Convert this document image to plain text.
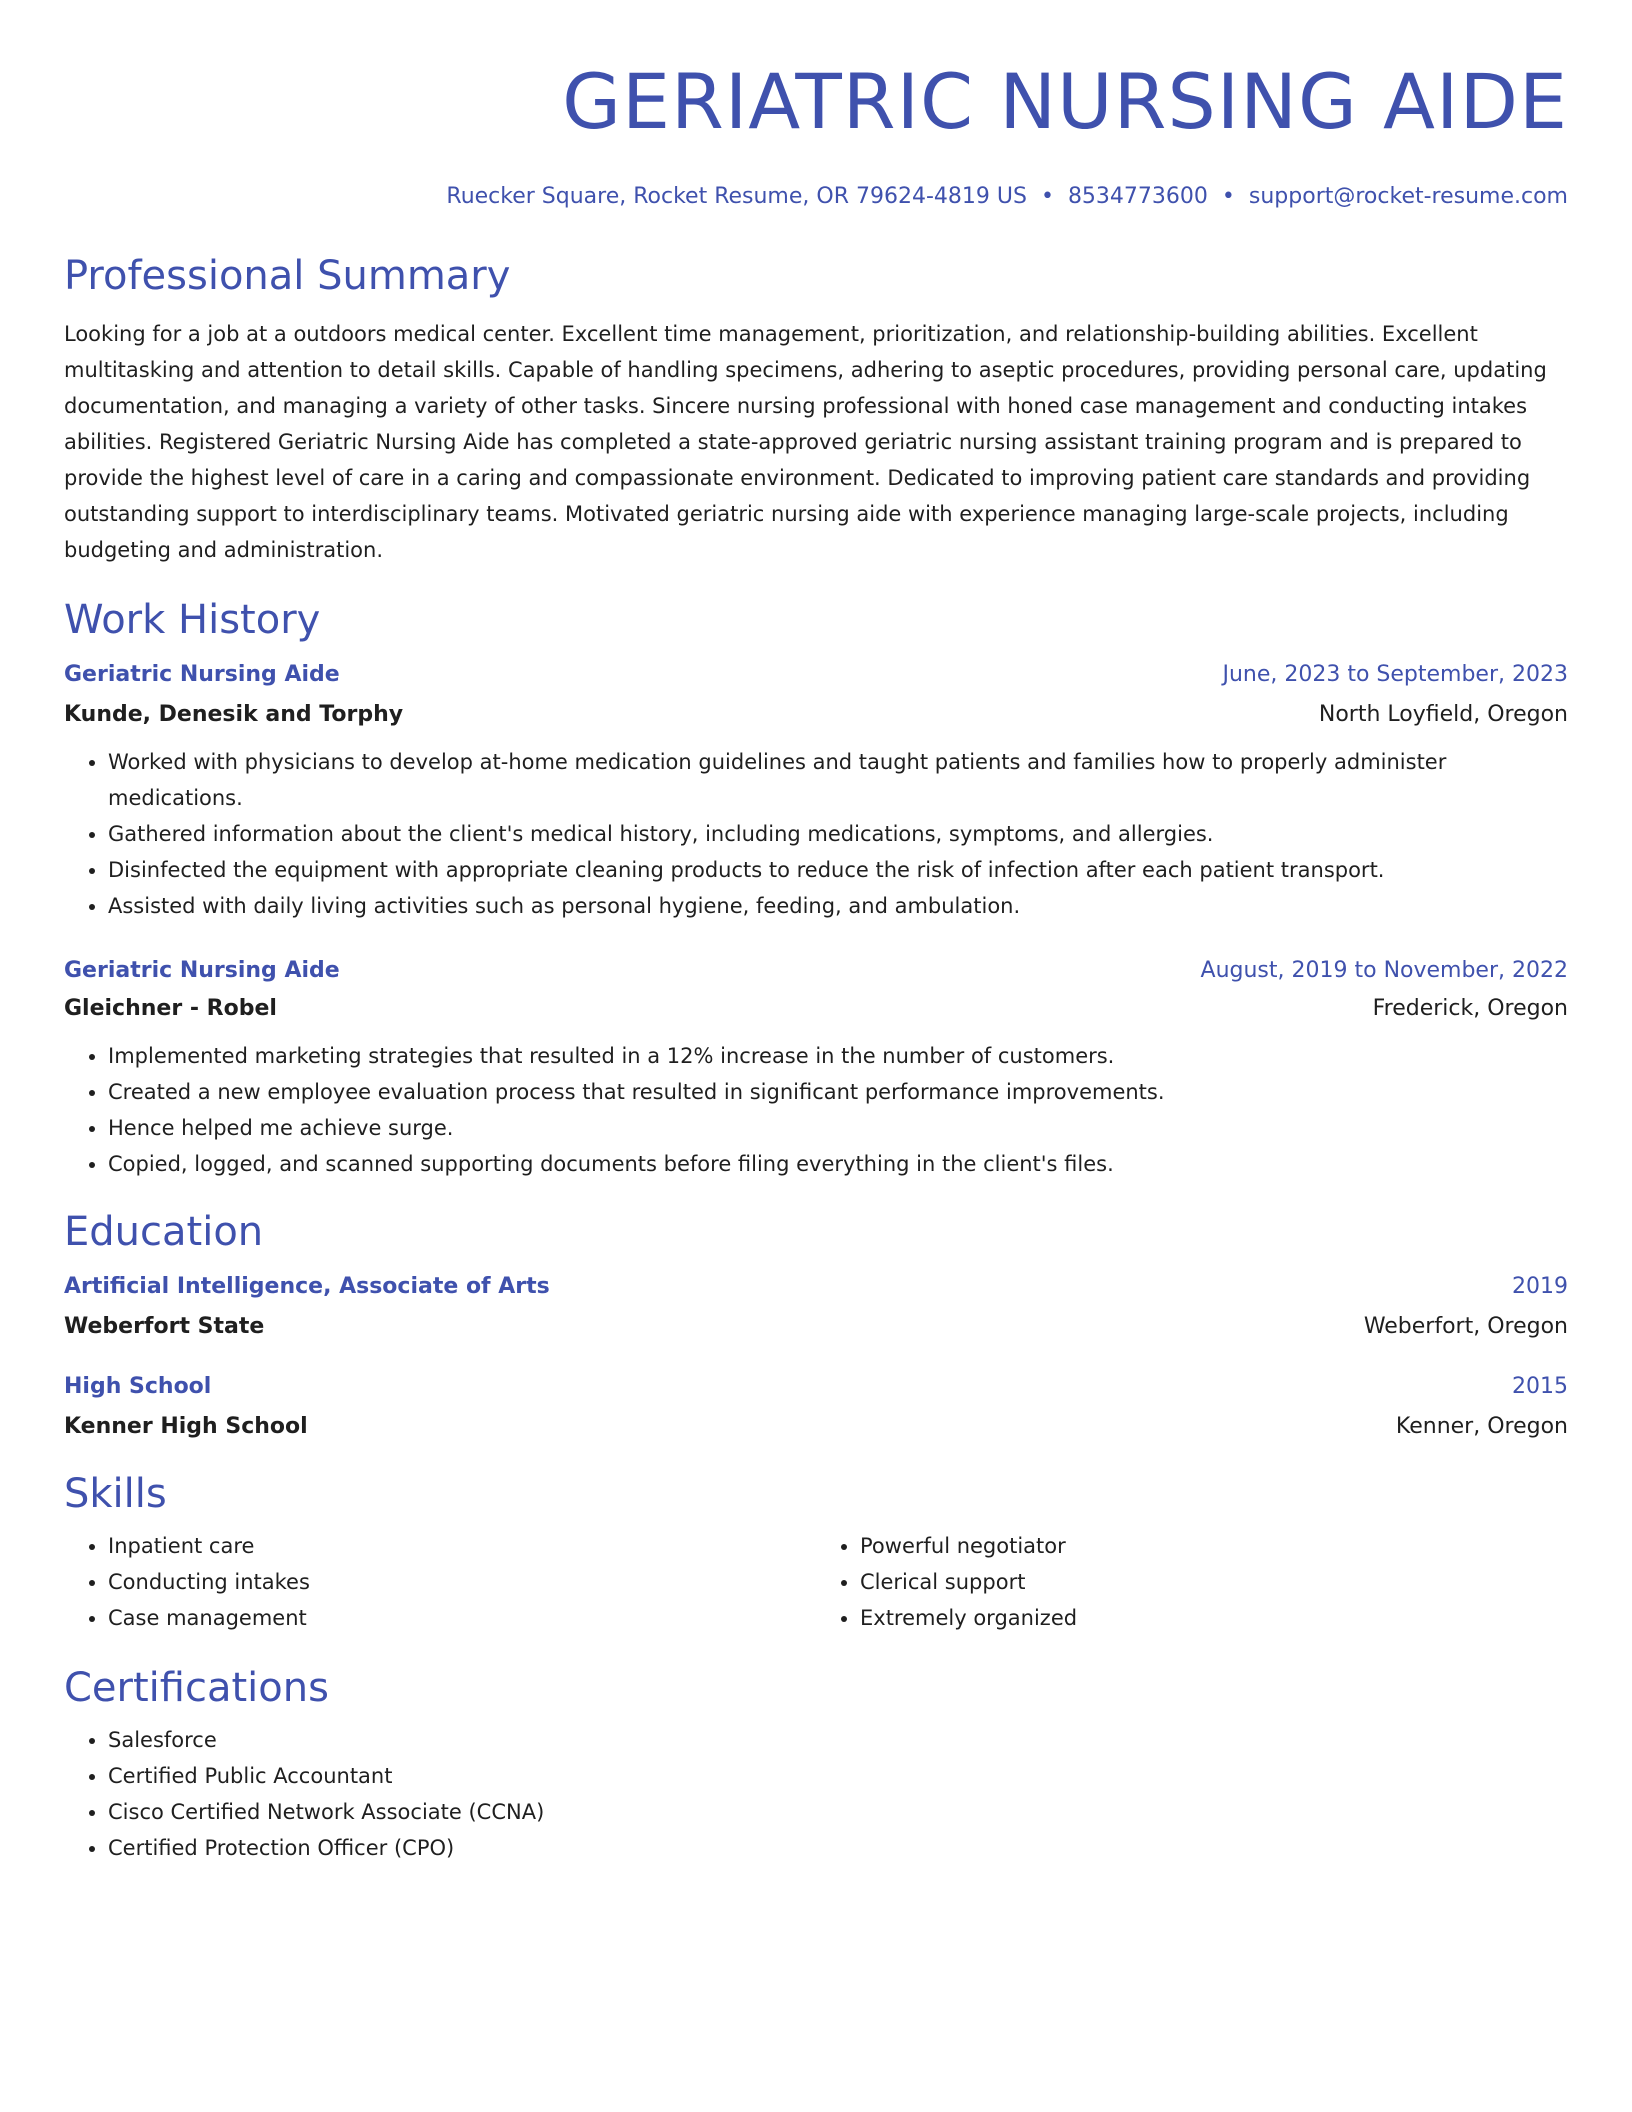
GERIATRIC NURSING AIDE
Ruecker Square, Rocket Resume, OR 79624-4819 US • 8534773600 • support@rocket-resume.com
Professional Summary

Looking for a job at a outdoors medical center. Excellent time management, prioritization, and relationship-building abilities. Excellent multitasking and attention to detail skills. Capable of handling specimens, adhering to aseptic procedures, providing personal care, updating documentation, and managing a variety of other tasks. Sincere nursing professional with honed case management and conducting intakes abilities. Registered Geriatric Nursing Aide has completed a state-approved geriatric nursing assistant training program and is prepared to provide the highest level of care in a caring and compassionate environment. Dedicated to improving patient care standards and providing outstanding support to interdisciplinary teams. Motivated geriatric nursing aide with experience managing large-scale projects, including budgeting and administration.

Work History
Geriatric Nursing Aide	June, 2023 to September, 2023
Kunde, Denesik and Torphy	North Loyfield, Oregon
• Worked with physicians to develop at-home medication guidelines and taught patients and families how to properly administer medications.
• Gathered information about the client's medical history, including medications, symptoms, and allergies.
• Disinfected the equipment with appropriate cleaning products to reduce the risk of infection after each patient transport.
• Assisted with daily living activities such as personal hygiene, feeding, and ambulation.
Geriatric Nursing Aide	August, 2019 to November, 2022
Gleichner - Robel	Frederick, Oregon
• Implemented marketing strategies that resulted in a 12% increase in the number of customers.
• Created a new employee evaluation process that resulted in significant performance improvements.
• Hence helped me achieve surge.
• Copied, logged, and scanned supporting documents before filing everything in the client's files.
Education
Artificial Intelligence, Associate of Arts	2019
Weberfort State	Weberfort, Oregon
High School	2015
Kenner High School	Kenner, Oregon
Skills
• Inpatient care
• Conducting intakes
• Case management
• Powerful negotiator
• Clerical support
• Extremely organized
Certifications
• Salesforce
• Certified Public Accountant
• Cisco Certified Network Associate (CCNA)
• Certified Protection Officer (CPO)
